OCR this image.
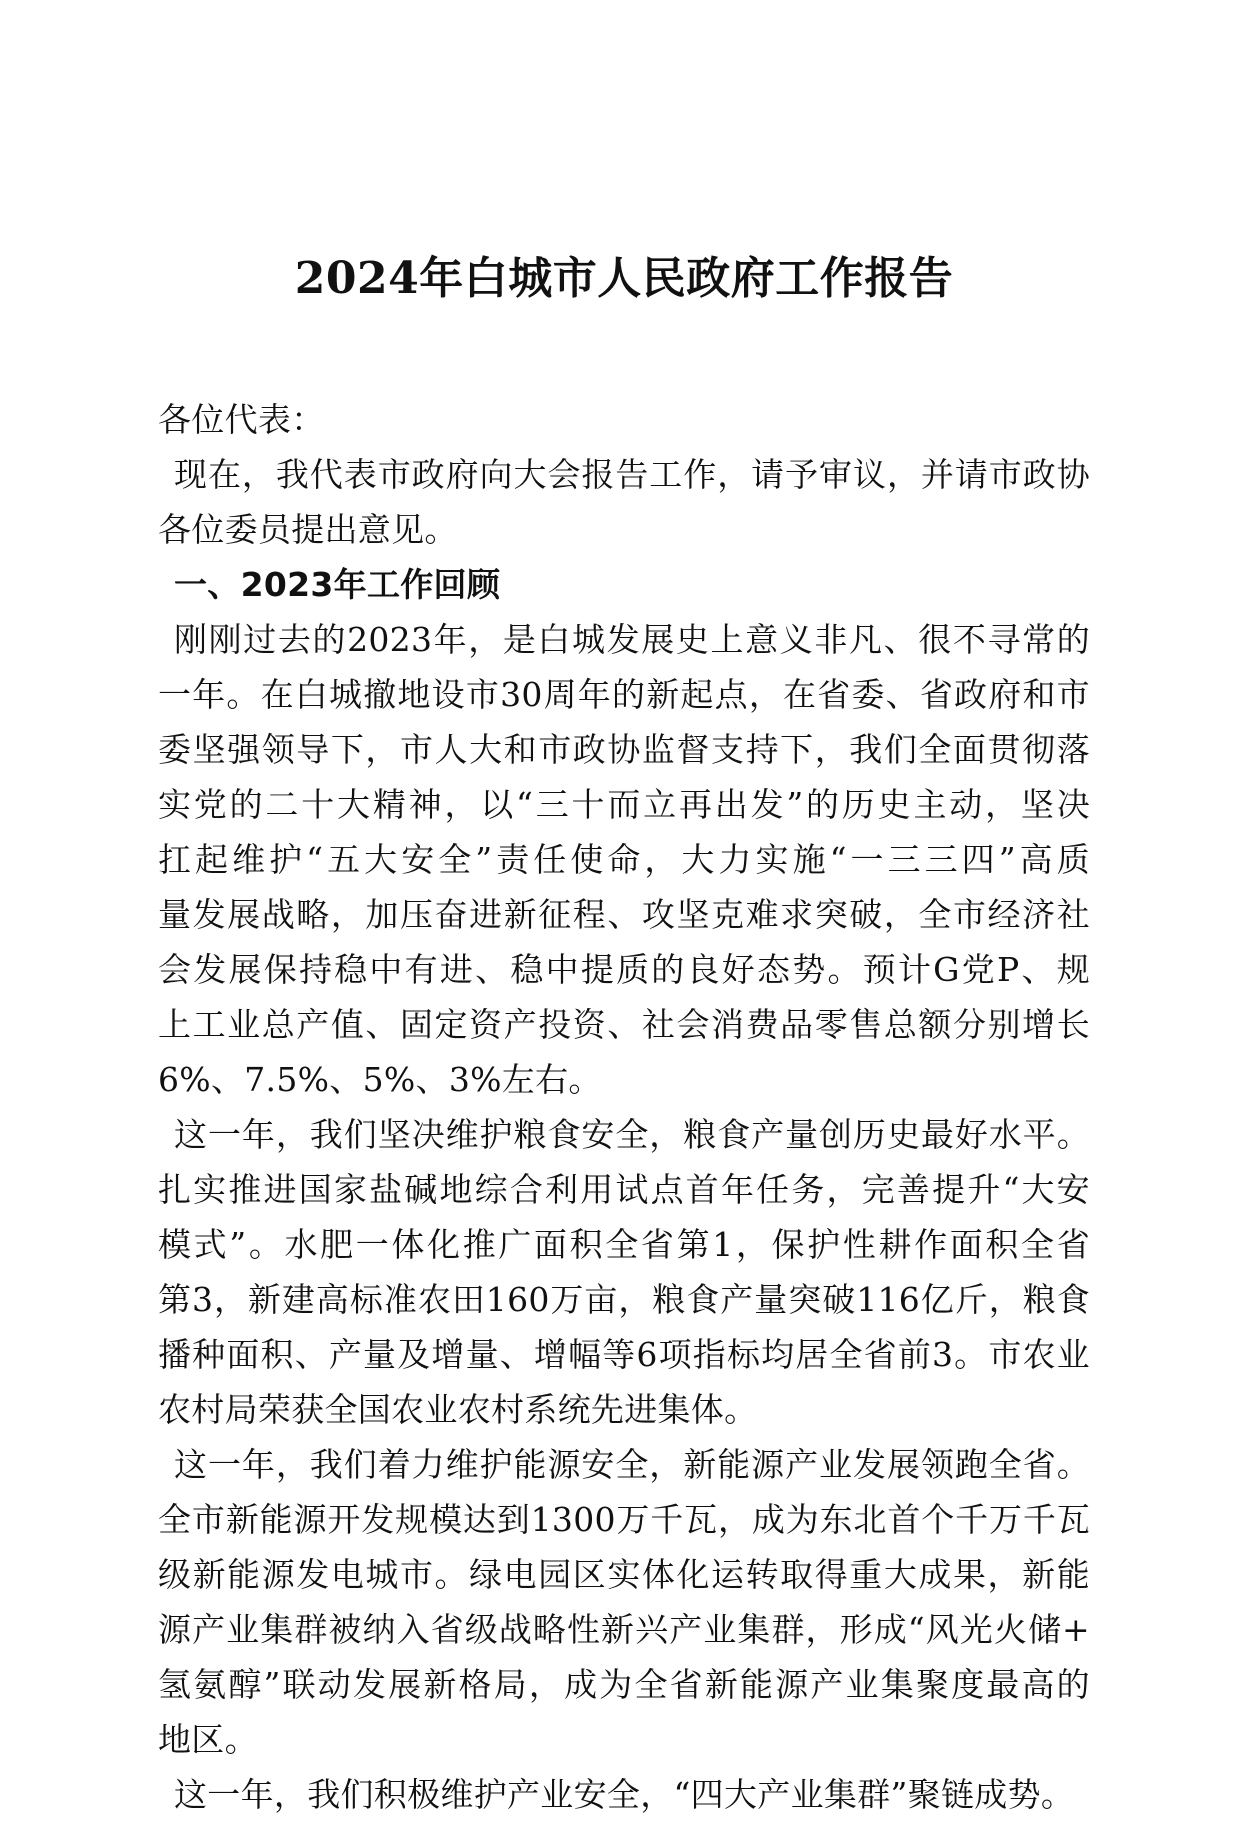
2024年白城市人民政府工作报告

各位代表：

现在，我代表市政府向大会报告工作，请予审议，并请市政协

各位委员提出意见。

一、2023年工作回顾

刚刚过去的2023年，是白城发展史上意义非凡、很不寻常的

一年。在白城撤地设市30周年的新起点，在省委、省政府和市

委坚强领导下，市人大和市政协监督支持下，我们全面贯彻落

实党的二十大精神，以“三十而立再出发”的历史主动，坚决

扛起维护“五大安全”责任使命，大力实施“一三三四”高质

量发展战略，加压奋进新征程、攻坚克难求突破，全市经济社

会发展保持稳中有进、稳中提质的良好态势。预计G党P、规

上工业总产值、固定资产投资、社会消费品零售总额分别增长

6%、7.5%、5%、3%左右。

这一年，我们坚决维护粮食安全，粮食产量创历史最好水平。

扎实推进国家盐碱地综合利用试点首年任务，完善提升“大安

模式”。水肥一体化推广面积全省第1，保护性耕作面积全省

第3，新建高标准农田160万亩，粮食产量突破116亿斤，粮食

播种面积、产量及增量、增幅等6项指标均居全省前3。市农业

农村局荣获全国农业农村系统先进集体。

这一年，我们着力维护能源安全，新能源产业发展领跑全省。

全市新能源开发规模达到1300万千瓦，成为东北首个千万千瓦

级新能源发电城市。绿电园区实体化运转取得重大成果，新能

源产业集群被纳入省级战略性新兴产业集群，形成“风光火储+

氢氨醇”联动发展新格局，成为全省新能源产业集聚度最高的

地区。

这一年，我们积极维护产业安全，“四大产业集群”聚链成势。
